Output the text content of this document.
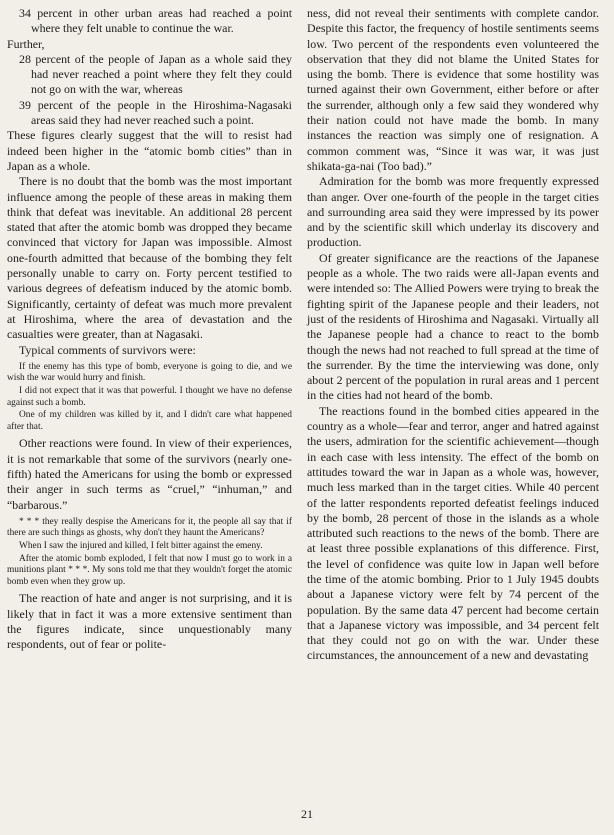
34 percent in other urban areas had reached a point where they felt unable to continue the war.

Further,

28 percent of the people of Japan as a whole said they had never reached a point where they felt they could not go on with the war, whereas

39 percent of the people in the Hiroshima-Nagasaki areas said they had never reached such a point.

These figures clearly suggest that the will to resist had indeed been higher in the “atomic bomb cities” than in Japan as a whole.

There is no doubt that the bomb was the most important influence among the people of these areas in making them think that defeat was inevitable. An additional 28 percent stated that after the atomic bomb was dropped they became convinced that victory for Japan was impossible. Almost one-fourth admitted that because of the bombing they felt personally unable to carry on. Forty percent testified to various degrees of defeatism induced by the atomic bomb. Significantly, certainty of defeat was much more prevalent at Hiroshima, where the area of devastation and the casualties were greater, than at Nagasaki.

Typical comments of survivors were:

If the enemy has this type of bomb, everyone is going to die, and we wish the war would hurry and finish.

I did not expect that it was that powerful. I thought we have no defense against such a bomb.

One of my children was killed by it, and I didn't care what happened after that.

Other reactions were found. In view of their experiences, it is not remarkable that some of the survivors (nearly one-fifth) hated the Americans for using the bomb or expressed their anger in such terms as “cruel,” “inhuman,” and “barbarous.”

* * * they really despise the Americans for it, the people all say that if there are such things as ghosts, why don't they haunt the Americans?

When I saw the injured and killed, I felt bitter against the emeny.

After the atomic bomb exploded, I felt that now I must go to work in a munitions plant * * *. My sons told me that they wouldn't forget the atomic bomb even when they grow up.

The reaction of hate and anger is not surprising, and it is likely that in fact it was a more extensive sentiment than the figures indicate, since unquestionably many respondents, out of fear or polite-

ness, did not reveal their sentiments with complete candor. Despite this factor, the frequency of hostile sentiments seems low. Two percent of the respondents even volunteered the observation that they did not blame the United States for using the bomb. There is evidence that some hostility was turned against their own Government, either before or after the surrender, although only a few said they wondered why their nation could not have made the bomb. In many instances the reaction was simply one of resignation. A common comment was, “Since it was war, it was just shikata-ga-nai (Too bad).”

Admiration for the bomb was more frequently expressed than anger. Over one-fourth of the people in the target cities and surrounding area said they were impressed by its power and by the scientific skill which underlay its discovery and production.

Of greater significance are the reactions of the Japanese people as a whole. The two raids were all-Japan events and were intended so: The Allied Powers were trying to break the fighting spirit of the Japanese people and their leaders, not just of the residents of Hiroshima and Nagasaki. Virtually all the Japanese people had a chance to react to the bomb though the news had not reached to full spread at the time of the surrender. By the time the interviewing was done, only about 2 percent of the population in rural areas and 1 percent in the cities had not heard of the bomb.

The reactions found in the bombed cities appeared in the country as a whole—fear and terror, anger and hatred against the users, admiration for the scientific achievement—though in each case with less intensity. The effect of the bomb on attitudes toward the war in Japan as a whole was, however, much less marked than in the target cities. While 40 percent of the latter respondents reported defeatist feelings induced by the bomb, 28 percent of those in the islands as a whole attributed such reactions to the news of the bomb. There are at least three possible explanations of this difference. First, the level of confidence was quite low in Japan well before the time of the atomic bombing. Prior to 1 July 1945 doubts about a Japanese victory were felt by 74 percent of the population. By the same data 47 percent had become certain that a Japanese victory was impossible, and 34 percent felt that they could not go on with the war. Under these circumstances, the announcement of a new and devastating

21
